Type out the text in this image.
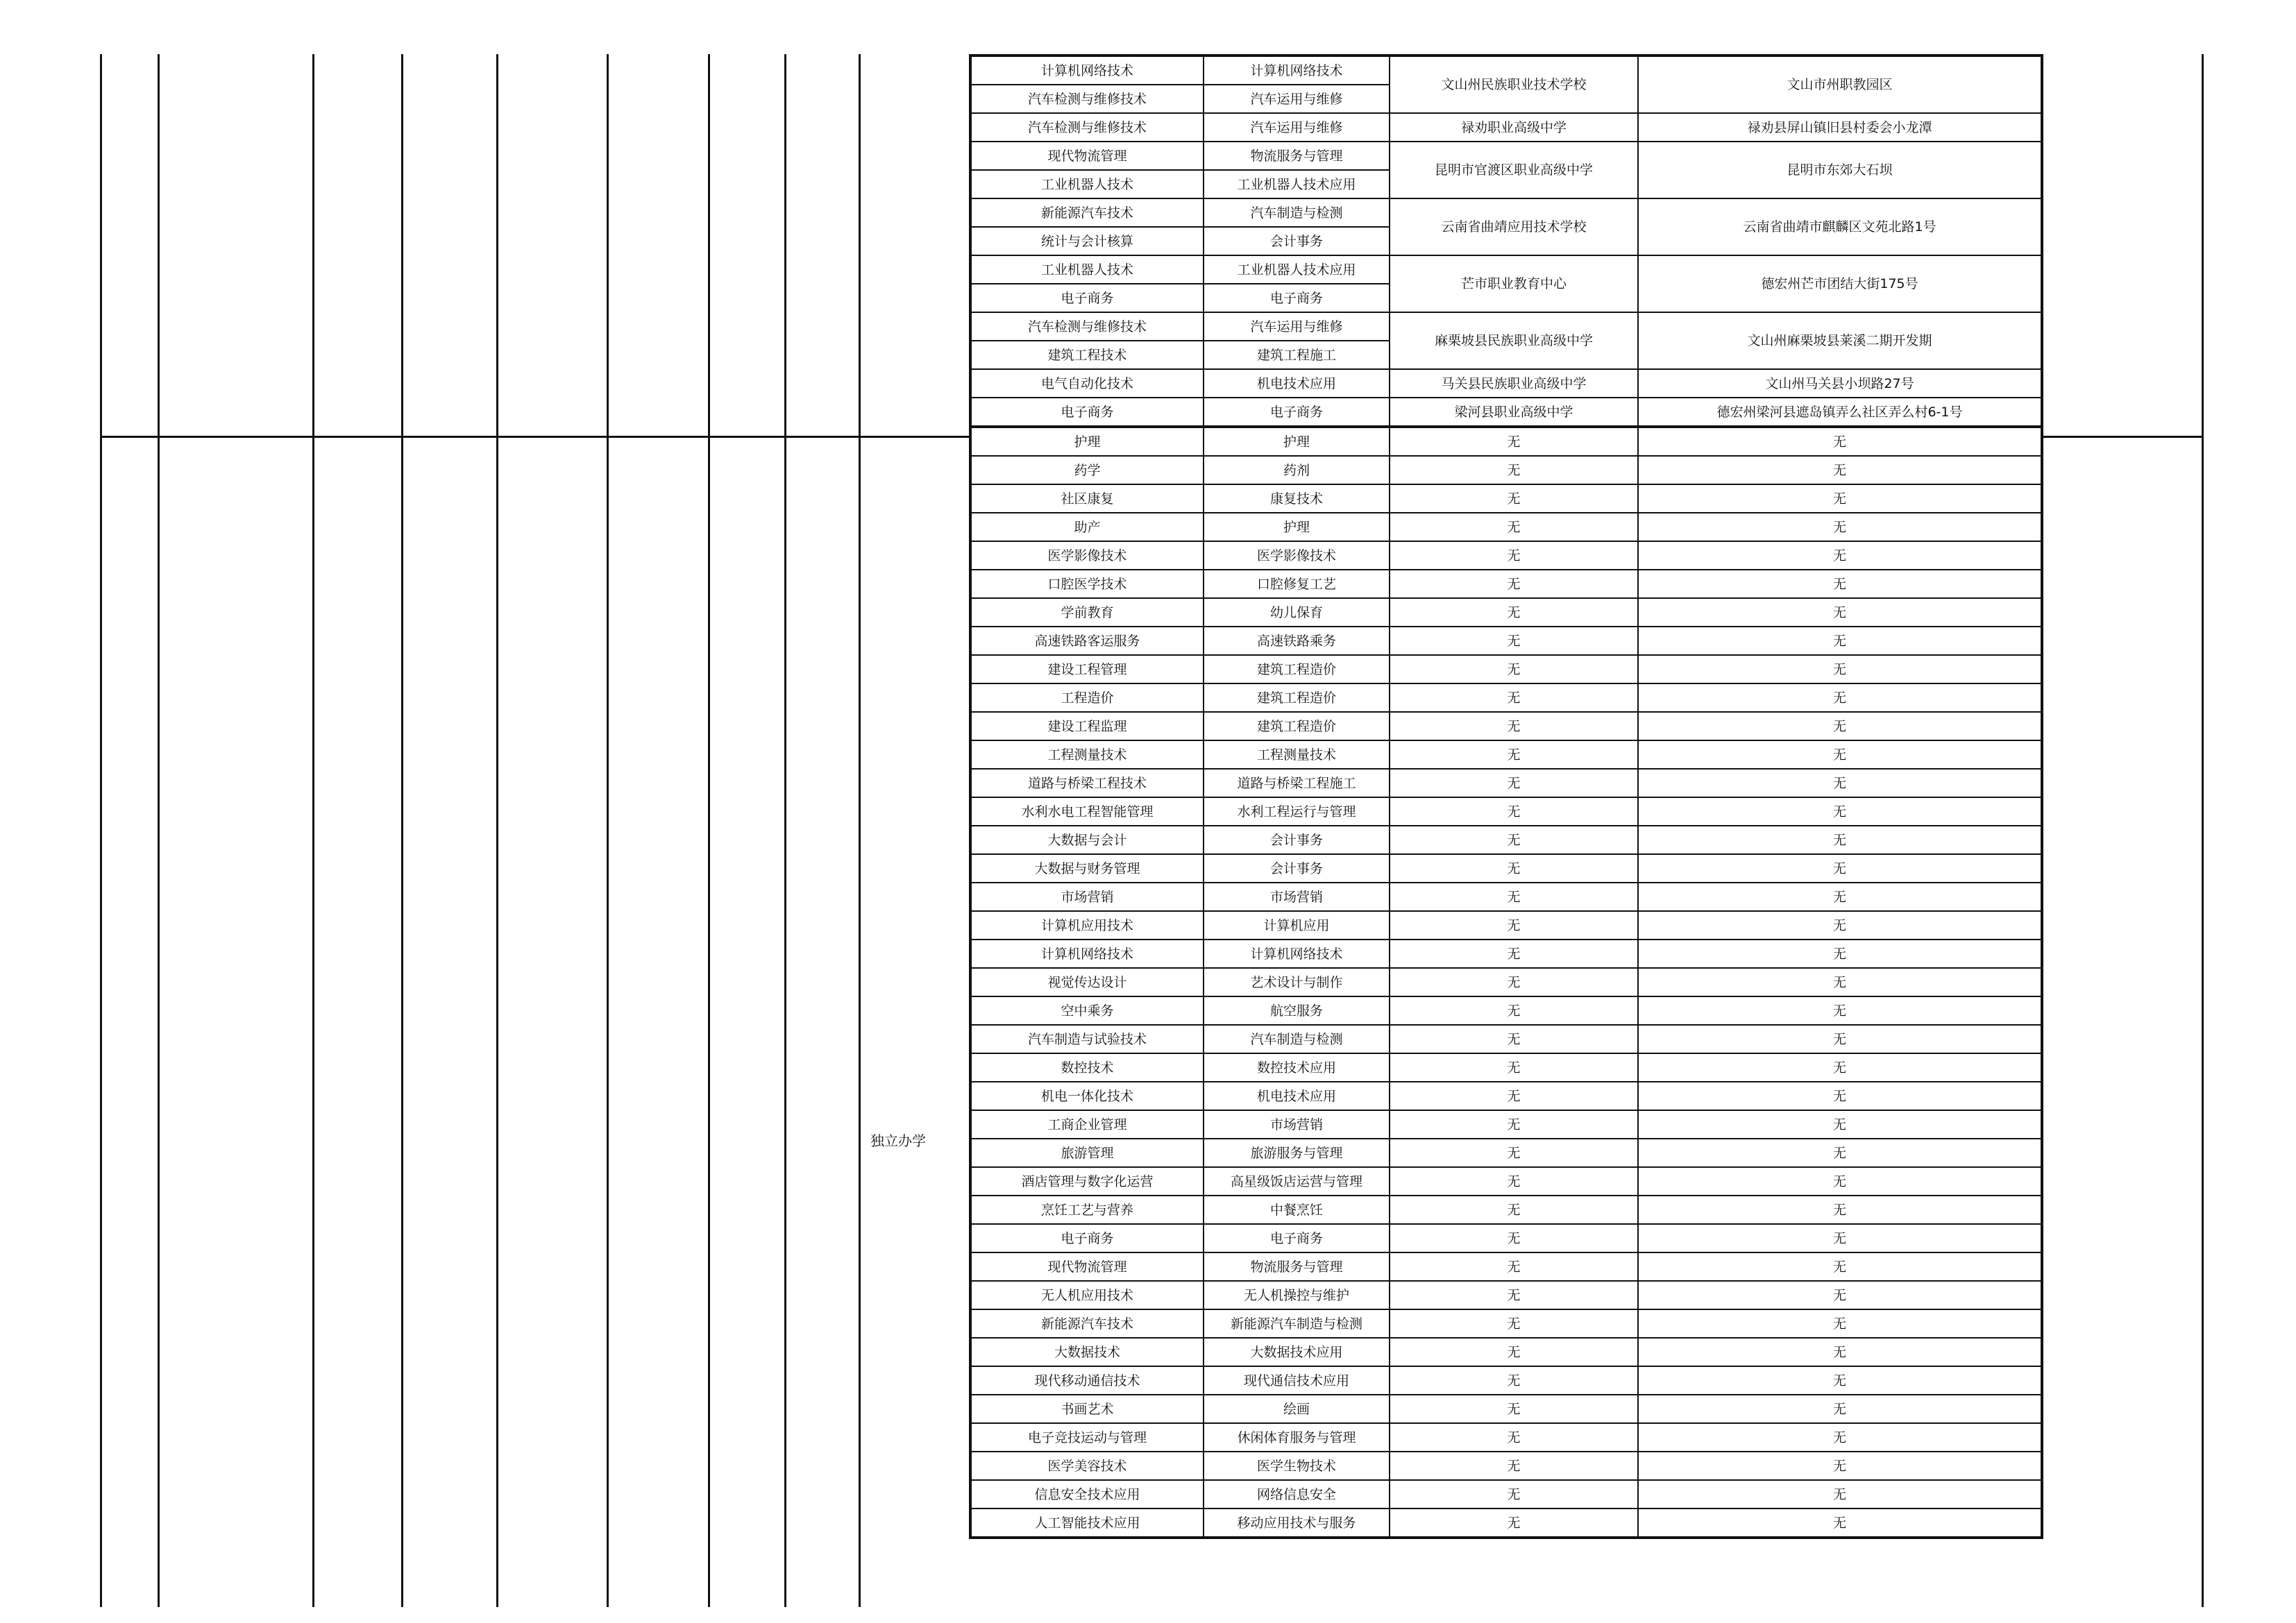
独立办学
计算机网络技术	计算机网络技术	文山州民族职业技术学校	文山市州职教园区
汽车检测与维修技术	汽车运用与维修		
汽车检测与维修技术	汽车运用与维修	禄劝职业高级中学	禄劝县屏山镇旧县村委会小龙潭
现代物流管理	物流服务与管理	昆明市官渡区职业高级中学	昆明市东郊大石坝
工业机器人技术	工业机器人技术应用		
新能源汽车技术	汽车制造与检测	云南省曲靖应用技术学校	云南省曲靖市麒麟区文苑北路1号
统计与会计核算	会计事务		
工业机器人技术	工业机器人技术应用	芒市职业教育中心	德宏州芒市团结大街175号
电子商务	电子商务		
汽车检测与维修技术	汽车运用与维修	麻栗坡县民族职业高级中学	文山州麻栗坡县莱溪二期开发期
建筑工程技术	建筑工程施工		
电气自动化技术	机电技术应用	马关县民族职业高级中学	文山州马关县小坝路27号
电子商务	电子商务	梁河县职业高级中学	德宏州梁河县遮岛镇弄么社区弄么村6-1号
护理	护理	无	无
药学	药剂	无	无
社区康复	康复技术	无	无
助产	护理	无	无
医学影像技术	医学影像技术	无	无
口腔医学技术	口腔修复工艺	无	无
学前教育	幼儿保育	无	无
高速铁路客运服务	高速铁路乘务	无	无
建设工程管理	建筑工程造价	无	无
工程造价	建筑工程造价	无	无
建设工程监理	建筑工程造价	无	无
工程测量技术	工程测量技术	无	无
道路与桥梁工程技术	道路与桥梁工程施工	无	无
水利水电工程智能管理	水利工程运行与管理	无	无
大数据与会计	会计事务	无	无
大数据与财务管理	会计事务	无	无
市场营销	市场营销	无	无
计算机应用技术	计算机应用	无	无
计算机网络技术	计算机网络技术	无	无
视觉传达设计	艺术设计与制作	无	无
空中乘务	航空服务	无	无
汽车制造与试验技术	汽车制造与检测	无	无
数控技术	数控技术应用	无	无
机电一体化技术	机电技术应用	无	无
工商企业管理	市场营销	无	无
旅游管理	旅游服务与管理	无	无
酒店管理与数字化运营	高星级饭店运营与管理	无	无
烹饪工艺与营养	中餐烹饪	无	无
电子商务	电子商务	无	无
现代物流管理	物流服务与管理	无	无
无人机应用技术	无人机操控与维护	无	无
新能源汽车技术	新能源汽车制造与检测	无	无
大数据技术	大数据技术应用	无	无
现代移动通信技术	现代通信技术应用	无	无
书画艺术	绘画	无	无
电子竞技运动与管理	休闲体育服务与管理	无	无
医学美容技术	医学生物技术	无	无
信息安全技术应用	网络信息安全	无	无
人工智能技术应用	移动应用技术与服务	无	无
